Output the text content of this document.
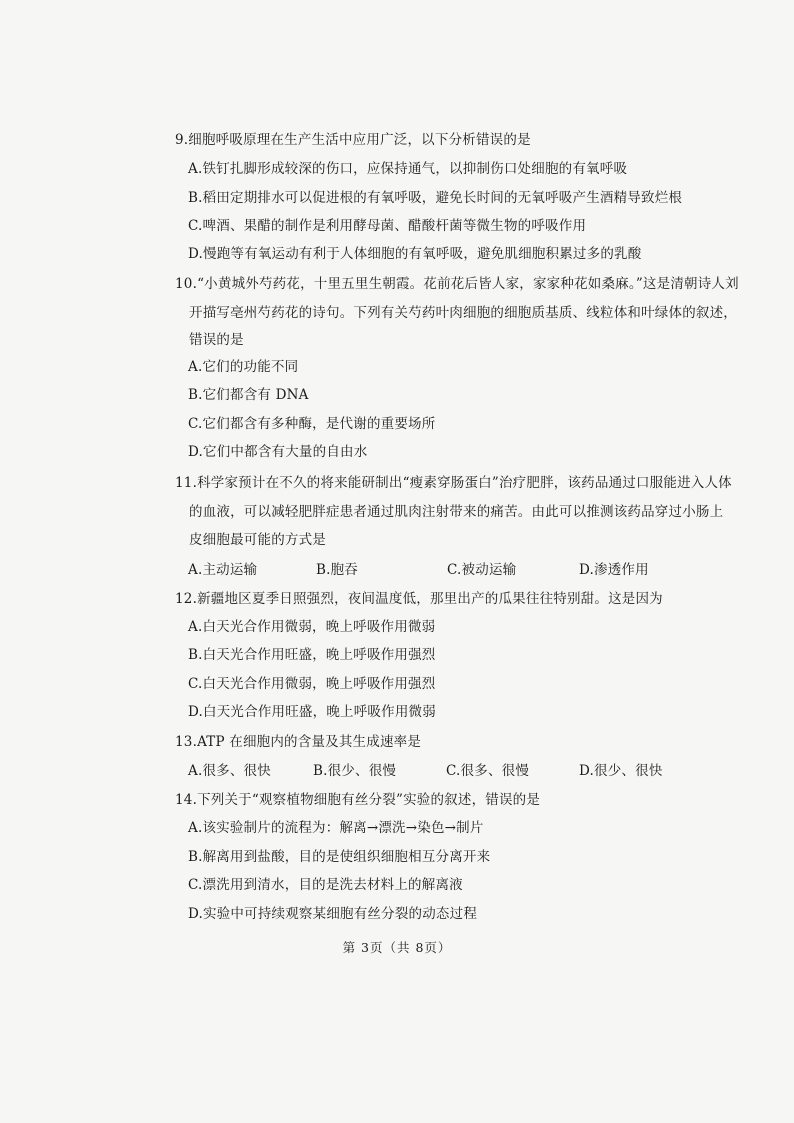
9.细胞呼吸原理在生产生活中应用广泛，以下分析错误的是
A.铁钉扎脚形成较深的伤口，应保持通气，以抑制伤口处细胞的有氧呼吸
B.稻田定期排水可以促进根的有氧呼吸，避免长时间的无氧呼吸产生酒精导致烂根
C.啤酒、果醋的制作是利用酵母菌、醋酸杆菌等微生物的呼吸作用
D.慢跑等有氧运动有利于人体细胞的有氧呼吸，避免肌细胞积累过多的乳酸
10.“小黄城外芍药花，十里五里生朝霞。花前花后皆人家，家家种花如桑麻。”这是清朝诗人刘
开描写亳州芍药花的诗句。下列有关芍药叶肉细胞的细胞质基质、线粒体和叶绿体的叙述，
错误的是
A.它们的功能不同
B.它们都含有 DNA
C.它们都含有多种酶，是代谢的重要场所
D.它们中都含有大量的自由水
11.科学家预计在不久的将来能研制出“瘦素穿肠蛋白”治疗肥胖，该药品通过口服能进入人体
的血液，可以减轻肥胖症患者通过肌肉注射带来的痛苦。由此可以推测该药品穿过小肠上
皮细胞最可能的方式是
A.主动运输	B.胞吞	C.被动运输	D.渗透作用
12.新疆地区夏季日照强烈，夜间温度低，那里出产的瓜果往往特别甜。这是因为
A.白天光合作用微弱，晚上呼吸作用微弱
B.白天光合作用旺盛，晚上呼吸作用强烈
C.白天光合作用微弱，晚上呼吸作用强烈
D.白天光合作用旺盛，晚上呼吸作用微弱
13.ATP 在细胞内的含量及其生成速率是
A.很多、很快	B.很少、很慢	C.很多、很慢	D.很少、很快
14.下列关于“观察植物细胞有丝分裂”实验的叙述，错误的是
A.该实验制片的流程为：解离→漂洗→染色→制片
B.解离用到盐酸，目的是使组织细胞相互分离开来
C.漂洗用到清水，目的是洗去材料上的解离液
D.实验中可持续观察某细胞有丝分裂的动态过程
第 3页（共 8页）
